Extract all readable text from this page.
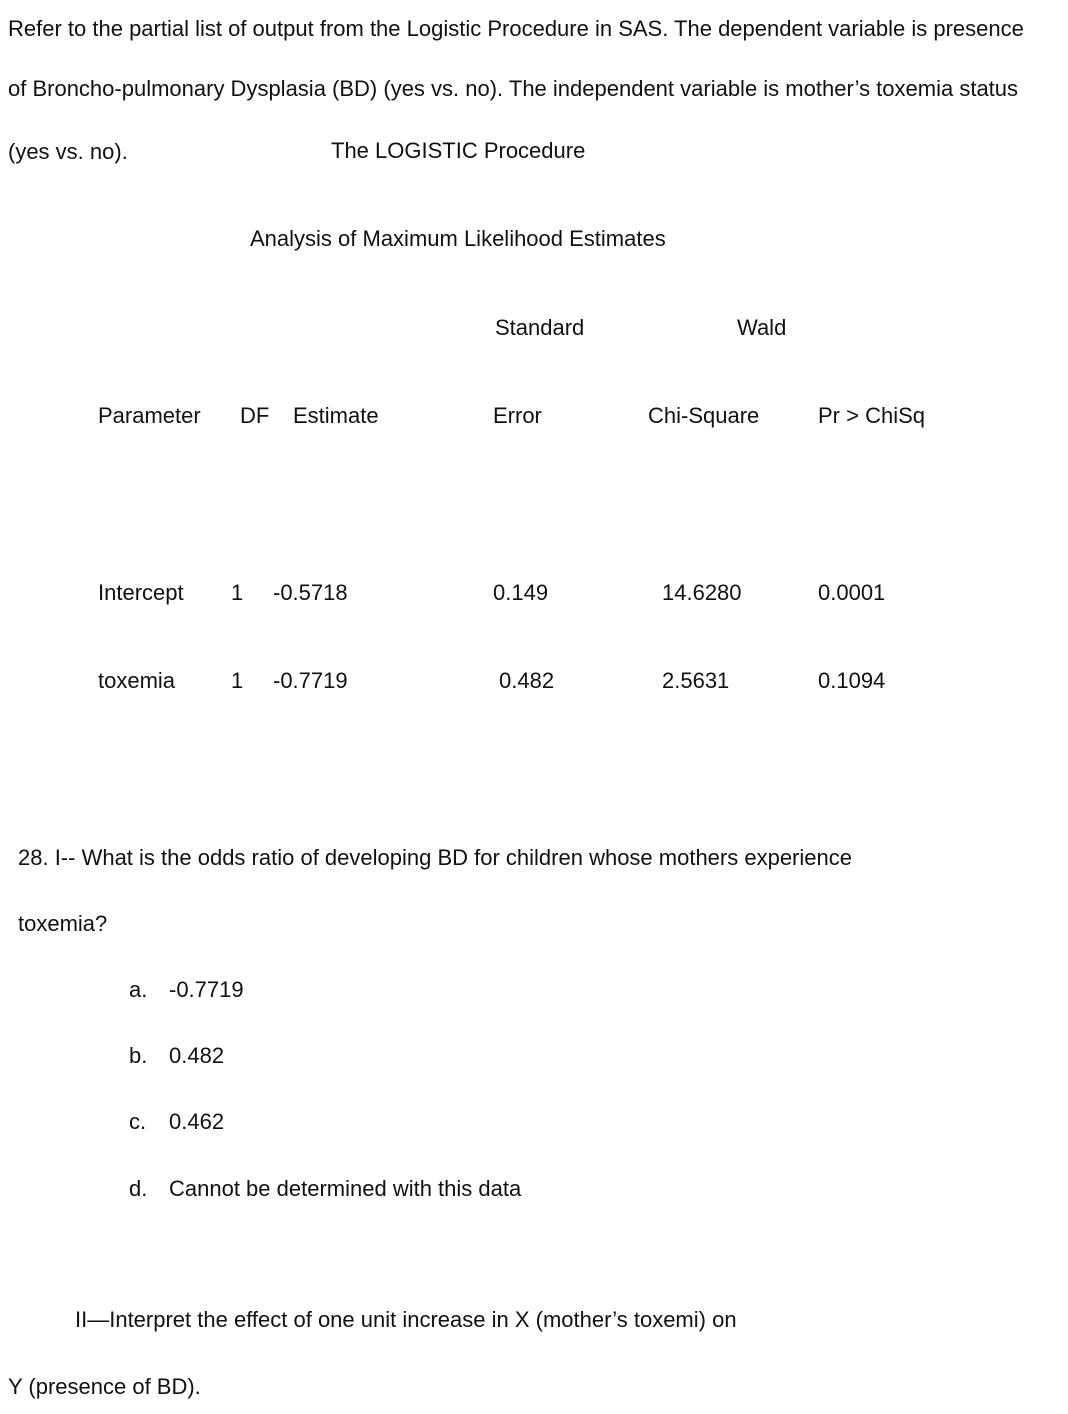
Refer to the partial list of output from the Logistic Procedure in SAS. The dependent variable is presence

of Broncho-pulmonary Dysplasia (BD) (yes vs. no). The independent variable is mother’s toxemia status

(yes vs. no).	The LOGISTIC Procedure

Analysis of Maximum Likelihood Estimates

Standard	Wald

Parameter DF Estimate	Error	Chi-Square	Pr > ChiSq

Intercept 1 -0.5718	0.149	14.6280	0.0001

toxemia	1 -0.7719	0.482	2.5631	0.1094

28. I-- What is the odds ratio of developing BD for children whose mothers experience

toxemia?

a. -0.7719

b. 0.482

c. 0.462

d. Cannot be determined with this data

II—Interpret the effect of one unit increase in X (mother’s toxemi) on

Y (presence of BD).
